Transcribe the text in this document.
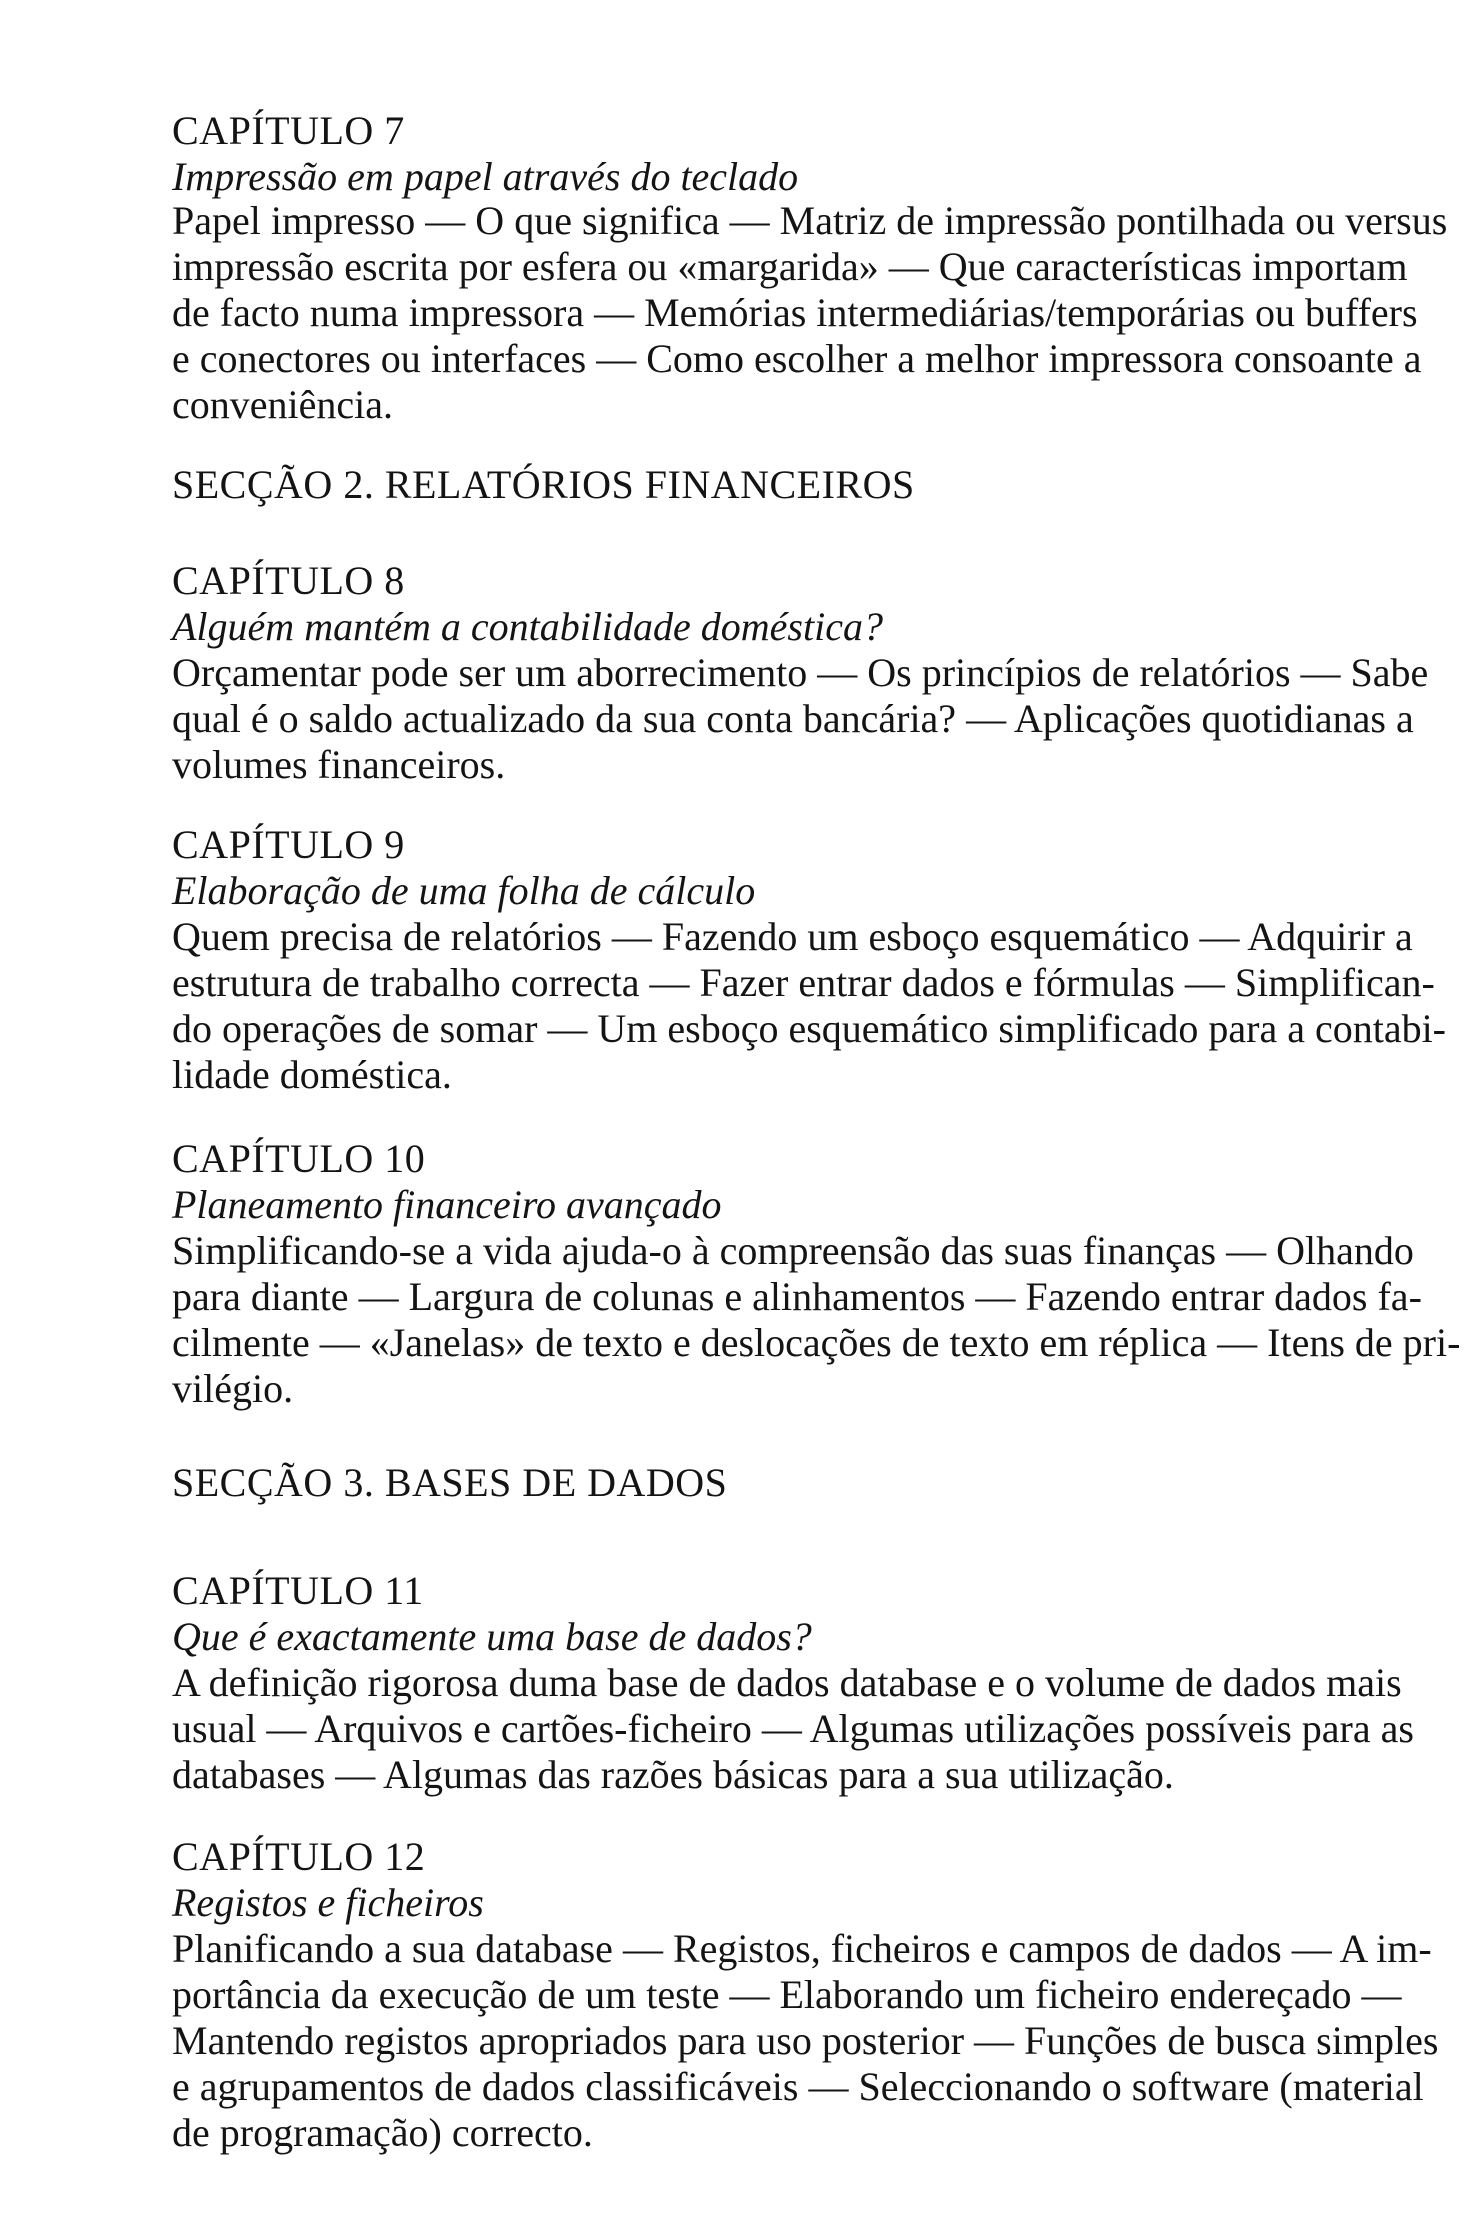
CAPÍTULO 7
Impressão em papel através do teclado
Papel impresso — O que significa — Matriz de impressão pontilhada ou versus
impressão escrita por esfera ou «margarida» — Que características importam
de facto numa impressora — Memórias intermediárias/temporárias ou buffers
e conectores ou interfaces — Como escolher a melhor impressora consoante a
conveniência.
SECÇÃO 2. RELATÓRIOS FINANCEIROS
CAPÍTULO 8
Alguém mantém a contabilidade doméstica?
Orçamentar pode ser um aborrecimento — Os princípios de relatórios — Sabe
qual é o saldo actualizado da sua conta bancária? — Aplicações quotidianas a
volumes financeiros.
CAPÍTULO 9
Elaboração de uma folha de cálculo
Quem precisa de relatórios — Fazendo um esboço esquemático — Adquirir a
estrutura de trabalho correcta — Fazer entrar dados e fórmulas — Simplifican-
do operações de somar — Um esboço esquemático simplificado para a contabi-
lidade doméstica.
CAPÍTULO 10
Planeamento financeiro avançado
Simplificando-se a vida ajuda-o à compreensão das suas finanças — Olhando
para diante — Largura de colunas e alinhamentos — Fazendo entrar dados fa-
cilmente — «Janelas» de texto e deslocações de texto em réplica — Itens de pri-
vilégio.
SECÇÃO 3. BASES DE DADOS
CAPÍTULO 11
Que é exactamente uma base de dados?
A definição rigorosa duma base de dados database e o volume de dados mais
usual — Arquivos e cartões-ficheiro — Algumas utilizações possíveis para as
databases — Algumas das razões básicas para a sua utilização.
CAPÍTULO 12
Registos e ficheiros
Planificando a sua database — Registos, ficheiros e campos de dados — A im-
portância da execução de um teste — Elaborando um ficheiro endereçado —
Mantendo registos apropriados para uso posterior — Funções de busca simples
e agrupamentos de dados classificáveis — Seleccionando o software (material
de programação) correcto.
